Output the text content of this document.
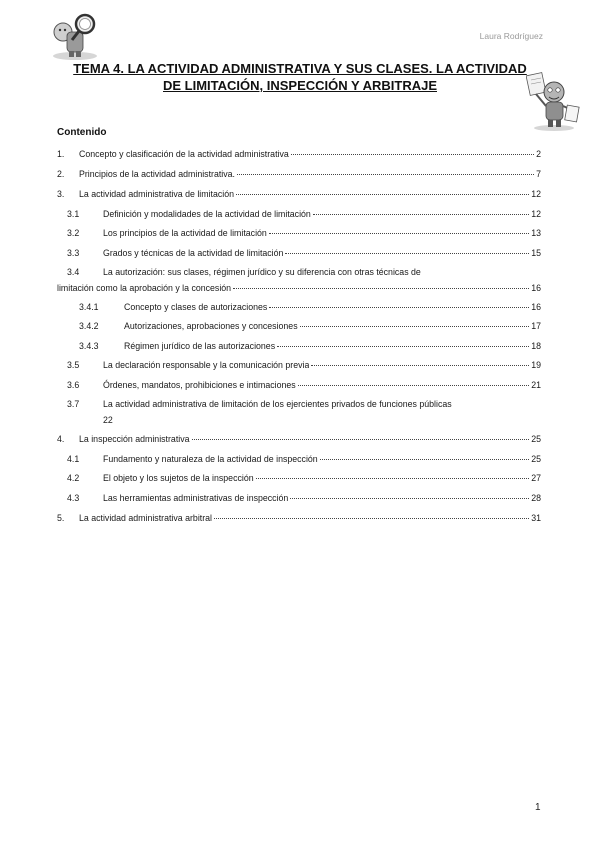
Laura Rodríguez
TEMA 4. LA ACTIVIDAD ADMINISTRATIVA Y SUS CLASES. LA ACTIVIDAD
DE LIMITACIÓN, INSPECCIÓN Y ARBITRAJE
Contenido
1.	Concepto y clasificación de la actividad administrativa	2
2.	Principios de la actividad administrativa.	7
3.	La actividad administrativa de limitación	12
3.1	Definición y modalidades de la actividad de limitación	12
3.2	Los principios de la actividad de limitación	13
3.3	Grados y técnicas de la actividad de limitación	15
3.4	La autorización: sus clases, régimen jurídico y su diferencia con otras técnicas de
limitación como la aprobación y la concesión	16
3.4.1	Concepto y clases de autorizaciones	16
3.4.2	Autorizaciones, aprobaciones y concesiones	17
3.4.3	Régimen jurídico de las autorizaciones	18
3.5	La declaración responsable y la comunicación previa	19
3.6	Órdenes, mandatos, prohibiciones e intimaciones	21
3.7	La actividad administrativa de limitación de los ejercientes privados de funciones públicas
22
4.	La inspección administrativa	25
4.1	Fundamento y naturaleza de la actividad de inspección	25
4.2	El objeto y los sujetos de la inspección	27
4.3	Las herramientas administrativas de inspección	28
5.	La actividad administrativa arbitral	31
1
